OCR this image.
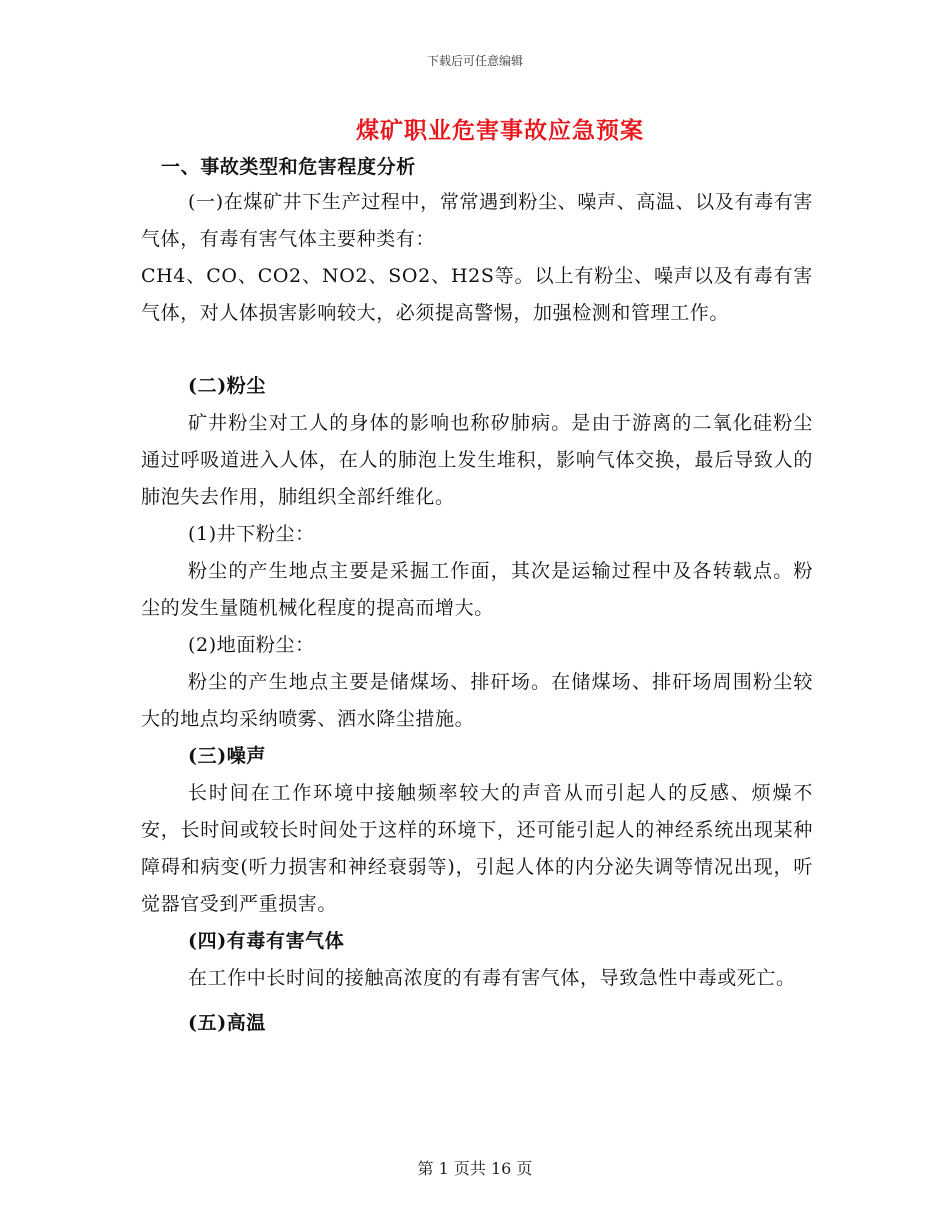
下载后可任意编辑
煤矿职业危害事故应急预案
一、事故类型和危害程度分析

(一)在煤矿井下生产过程中，常常遇到粉尘、噪声、高温、以及有毒有害气体，有毒有害气体主要种类有：

CH4、CO、CO2、NO2、SO2、H2S等。以上有粉尘、噪声以及有毒有害气体，对人体损害影响较大，必须提高警惕，加强检测和管理工作。

(二)粉尘

矿井粉尘对工人的身体的影响也称矽肺病。是由于游离的二氧化硅粉尘通过呼吸道进入人体，在人的肺泡上发生堆积，影响气体交换，最后导致人的肺泡失去作用，肺组织全部纤维化。

(1)井下粉尘：

粉尘的产生地点主要是采掘工作面，其次是运输过程中及各转载点。粉尘的发生量随机械化程度的提高而增大。

(2)地面粉尘：

粉尘的产生地点主要是储煤场、排矸场。在储煤场、排矸场周围粉尘较大的地点均采纳喷雾、洒水降尘措施。

(三)噪声

长时间在工作环境中接触频率较大的声音从而引起人的反感、烦燥不安，长时间或较长时间处于这样的环境下，还可能引起人的神经系统出现某种障碍和病变(听力损害和神经衰弱等)，引起人体的内分泌失调等情况出现，听觉器官受到严重损害。

(四)有毒有害气体

在工作中长时间的接触高浓度的有毒有害气体，导致急性中毒或死亡。

(五)高温

第 1 页共 16 页
